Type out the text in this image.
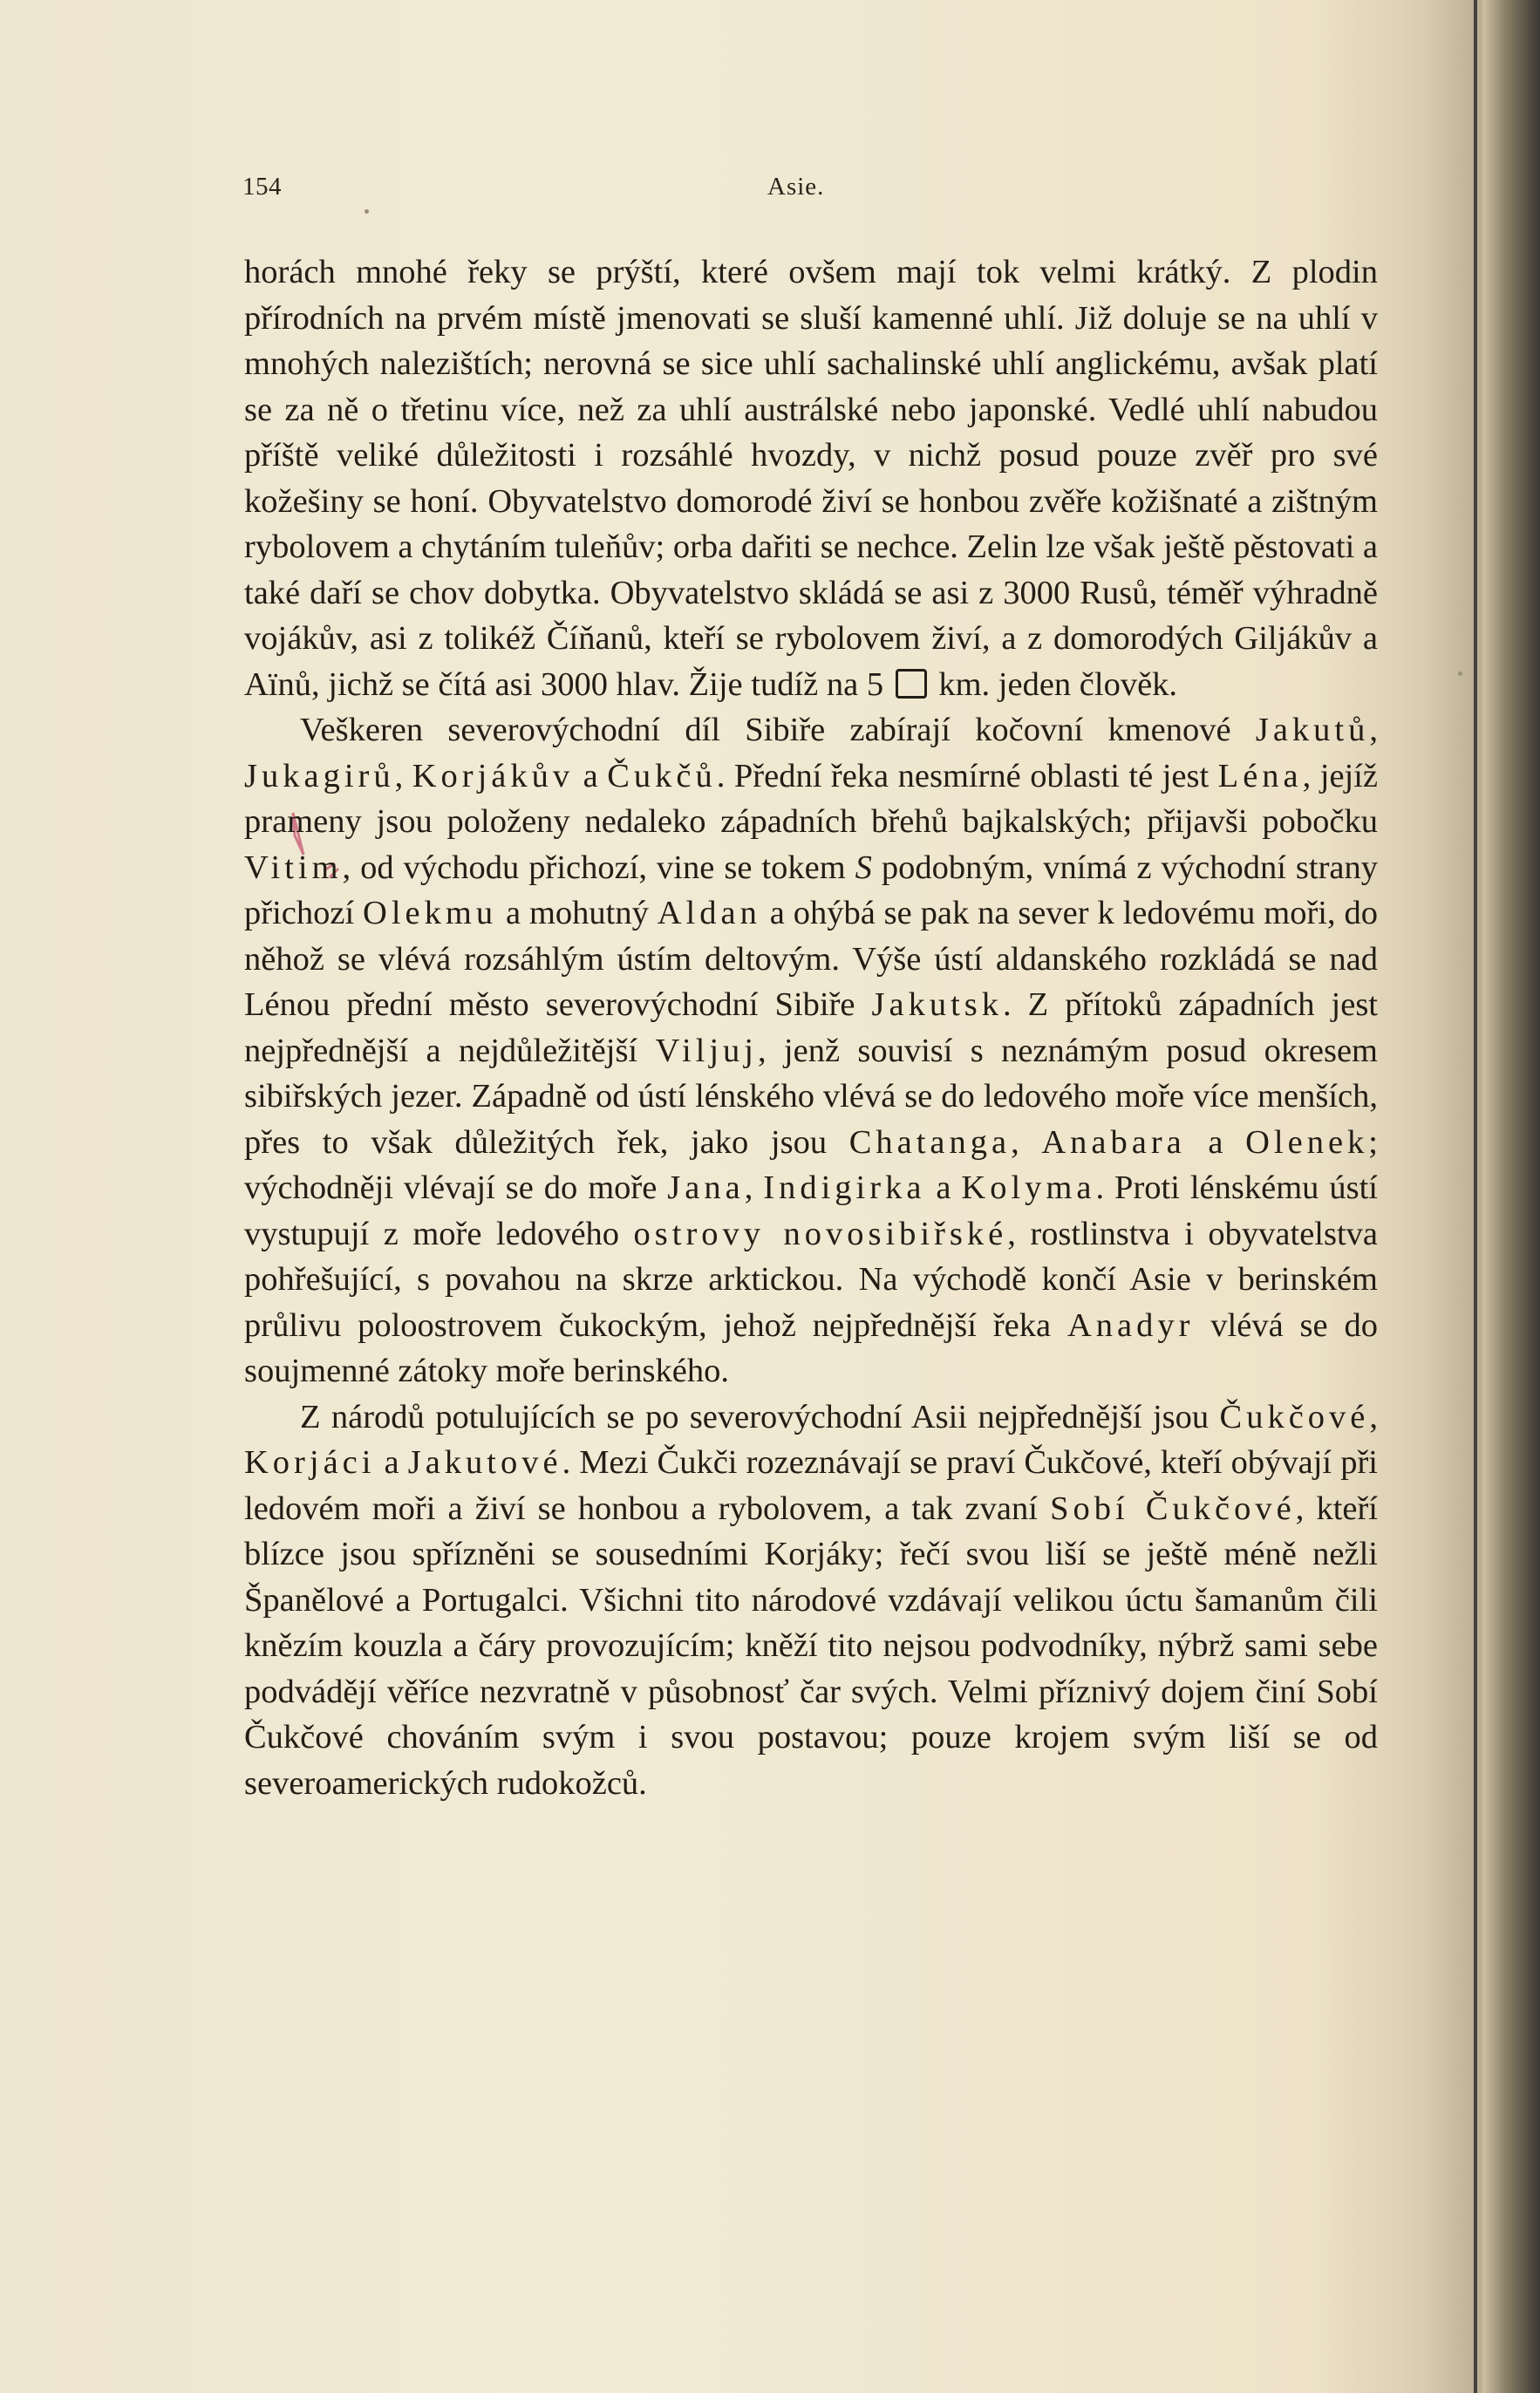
154	Asie.

horách mnohé řeky se prýští, které ovšem mají tok velmi krátký. Z plodin přírodních na prvém místě jmenovati se sluší kamenné uhlí. Již doluje se na uhlí v mnohých nalezištích; nerovná se sice uhlí sachalinské uhlí anglickému, avšak platí se za ně o třetinu více, než za uhlí austrálské nebo japonské. Vedlé uhlí nabudou příště veliké důležitosti i rozsáhlé hvozdy, v nichž posud pouze zvěř pro své kožešiny se honí. Obyvatelstvo domorodé živí se honbou zvěře kožišnaté a zištným rybolovem a chytáním tuleňův; orba dařiti se nechce. Zelin lze však ještě pěstovati a také daří se chov dobytka. Obyvatelstvo skládá se asi z 3000 Rusů, téměř výhradně vojákův, asi z tolikéž Číňanů, kteří se rybolovem živí, a z domorodých Giljákův a Aïnů, jichž se čítá asi 3000 hlav. Žije tudíž na 5  km. jeden člověk.

Veškeren severovýchodní díl Sibiře zabírají kočovní kmenové Jakutů, Jukagirů, Korjákův a Čukčů. Přední řeka nesmírné oblasti té jest Léna, jejíž prameny jsou položeny nedaleko západních břehů bajkalských; přijavši pobočku Vitim, od východu přichozí, vine se tokem S podobným, vnímá z východní strany přichozí Olekmu a mohutný Aldan a ohýbá se pak na sever k ledovému moři, do něhož se vlévá rozsáhlým ústím deltovým. Výše ústí aldanského rozkládá se nad Lénou přední město severovýchodní Sibiře Jakutsk. Z přítoků západních jest nejpřednější a nejdůležitější Viljuj, jenž souvisí s neznámým posud okresem sibiřských jezer. Západně od ústí lénského vlévá se do ledového moře více menších, přes to však důležitých řek, jako jsou Chatanga, Anabara a Olenek; východněji vlévají se do moře Jana, Indigirka a Kolyma. Proti lénskému ústí vystupují z moře ledového ostrovy novosibiřské, rostlinstva i obyvatelstva pohřešující, s povahou na skrze arktickou. Na východě končí Asie v berinském průlivu poloostrovem čukockým, jehož nejpřednější řeka Anadyr vlévá se do soujmenné zátoky moře berinského.

Z národů potulujících se po severovýchodní Asii nejpřednější jsou Čukčové, Korjáci a Jakutové. Mezi Čukči rozeznávají se praví Čukčové, kteří obývají při ledovém moři a živí se honbou a rybolovem, a tak zvaní Sobí Čukčové, kteří blízce jsou spřízněni se sousedními Korjáky; řečí svou liší se ještě méně nežli Španělové a Portugalci. Všichni tito národové vzdávají velikou úctu šamanům čili knězím kouzla a čáry provozujícím; kněží tito nejsou podvodníky, nýbrž sami sebe podvádějí věříce nezvratně v působnosť čar svých. Velmi příznivý dojem činí Sobí Čukčové chováním svým i svou postavou; pouze krojem svým liší se od severoamerických rudokožců.
